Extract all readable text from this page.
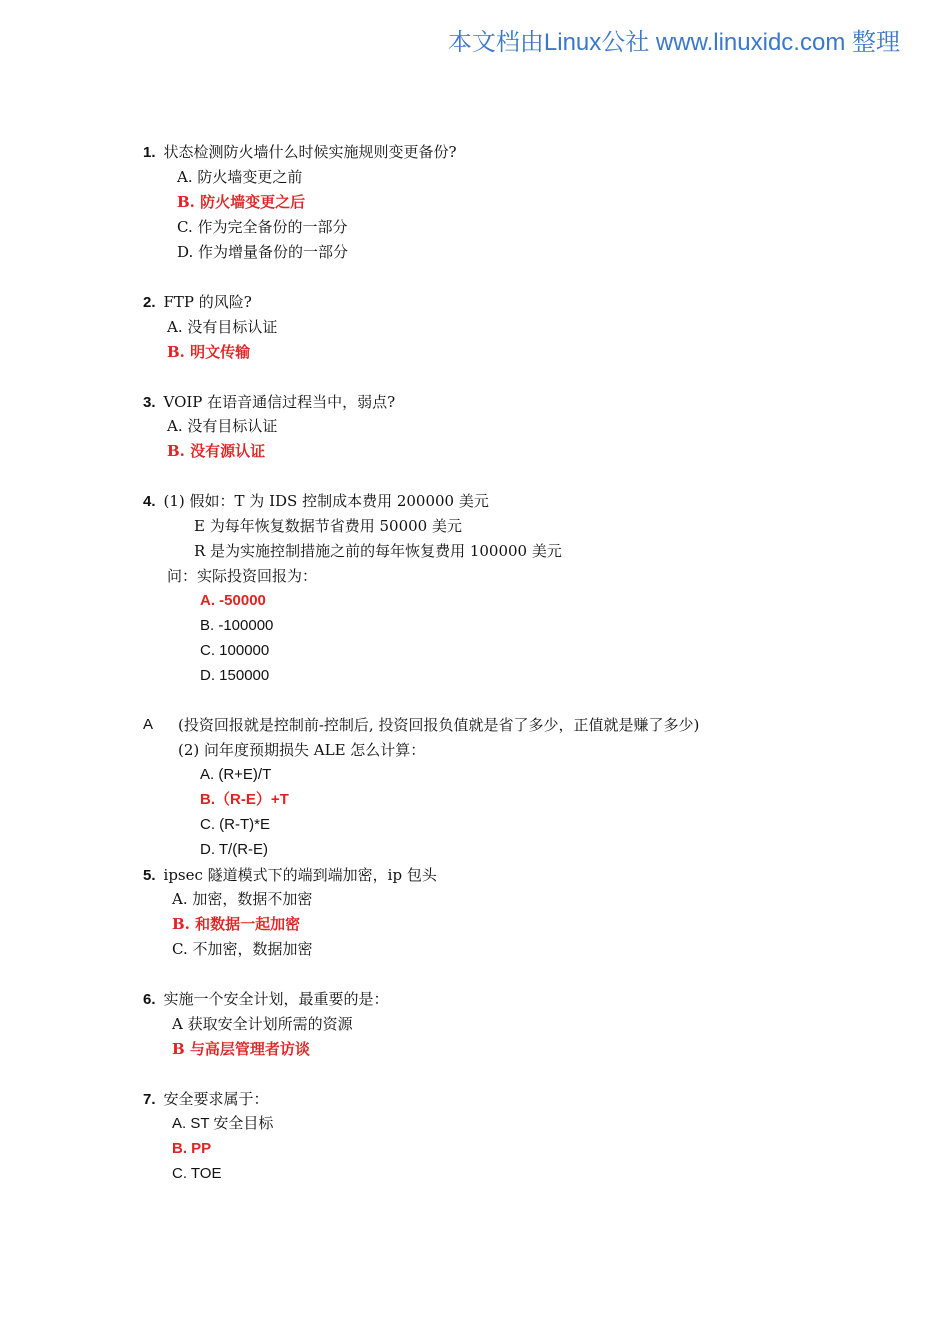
本文档由Linux公社 www.linuxidc.com 整理
1. 状态检测防火墙什么时候实施规则变更备份?
A. 防火墙变更之前
B. 防火墙变更之后
C. 作为完全备份的一部分
D. 作为增量备份的一部分
2. FTP 的风险?
A. 没有目标认证
B. 明文传输
3. VOIP 在语音通信过程当中，弱点?
A. 没有目标认证
B. 没有源认证
4. (1) 假如：T 为 IDS 控制成本费用 200000 美元
E 为每年恢复数据节省费用 50000 美元
R 是为实施控制措施之前的每年恢复费用 100000 美元
问：实际投资回报为：
A. -50000
B. -100000
C. 100000
D. 150000
A (投资回报就是控制前-控制后, 投资回报负值就是省了多少，正值就是赚了多少)
(2) 问年度预期损失 ALE 怎么计算：
A. (R+E)/T
B.（R-E）+T
C. (R-T)*E
D. T/(R-E)
5. ipsec 隧道模式下的端到端加密，ip 包头
A. 加密，数据不加密
B. 和数据一起加密
C. 不加密，数据加密
6. 实施一个安全计划，最重要的是：
A 获取安全计划所需的资源
B 与高层管理者访谈
7. 安全要求属于：
A. ST 安全目标
B. PP
C. TOE
